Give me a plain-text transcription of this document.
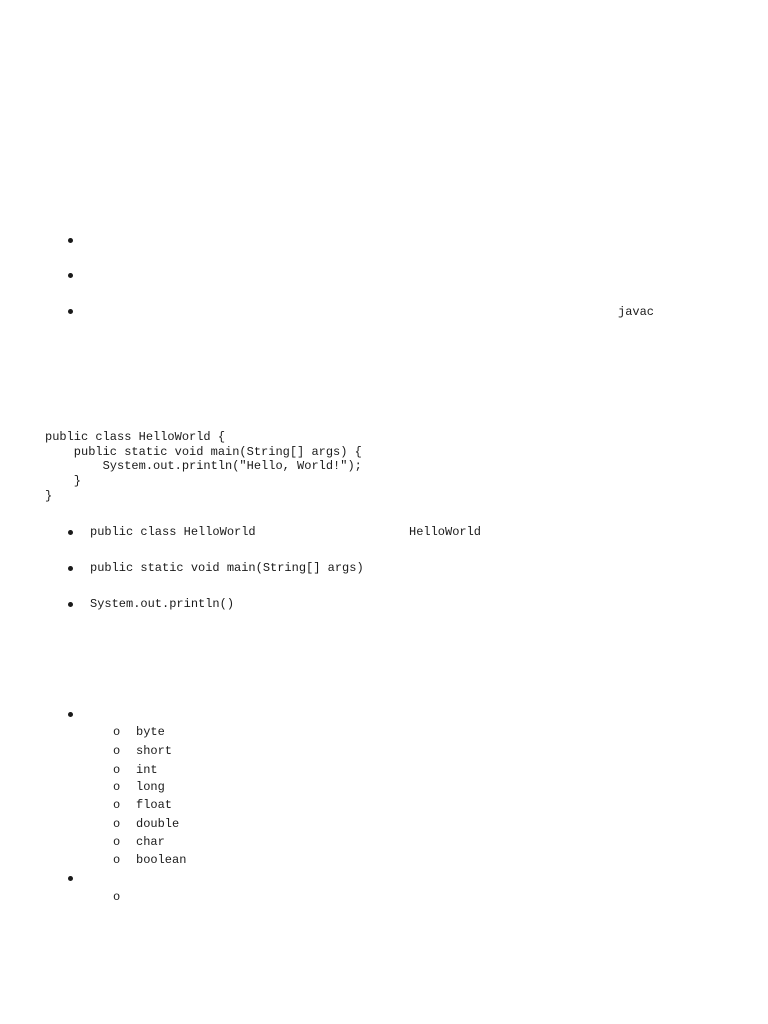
javac
public class HelloWorld {
public static void main(String[] args) {
System.out.println("Hello, World!");
}
}
public class HelloWorld	HelloWorld
public static void main(String[] args)
System.out.println()
o byte
o short
o int
o long
o float
o double
o char
o boolean
o
